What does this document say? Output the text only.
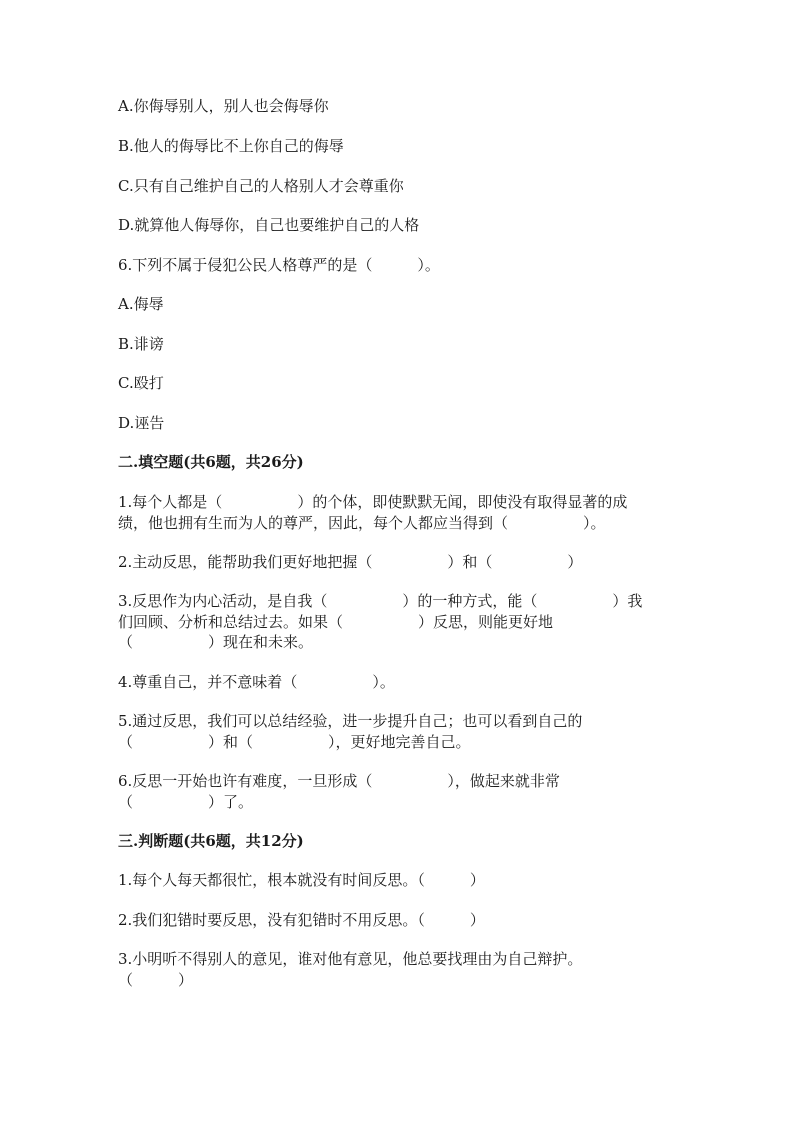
A.你侮辱别人，别人也会侮辱你
B.他人的侮辱比不上你自己的侮辱
C.只有自己维护自己的人格别人才会尊重你
D.就算他人侮辱你，自己也要维护自己的人格
6.下列不属于侵犯公民人格尊严的是（　　　）。
A.侮辱
B.诽谤
C.殴打
D.诬告
二.填空题(共6题，共26分)
1.每个人都是（　　　　　）的个体，即使默默无闻，即使没有取得显著的成
绩，他也拥有生而为人的尊严，因此，每个人都应当得到（　　　　　）。
2.主动反思，能帮助我们更好地把握（　　　　　）和（　　　　　）
3.反思作为内心活动，是自我（　　　　　）的一种方式，能（　　　　　）我
们回顾、分析和总结过去。如果（　　　　　）反思，则能更好地
（　　　　　）现在和未来。
4.尊重自己，并不意味着（　　　　　）。
5.通过反思，我们可以总结经验，进一步提升自己；也可以看到自己的
（　　　　　）和（　　　　　），更好地完善自己。
6.反思一开始也许有难度，一旦形成（　　　　　），做起来就非常
（　　　　　）了。
三.判断题(共6题，共12分)
1.每个人每天都很忙，根本就没有时间反思。（　　　）
2.我们犯错时要反思，没有犯错时不用反思。（　　　）
3.小明听不得别人的意见，谁对他有意见，他总要找理由为自己辩护。
（　　　）
